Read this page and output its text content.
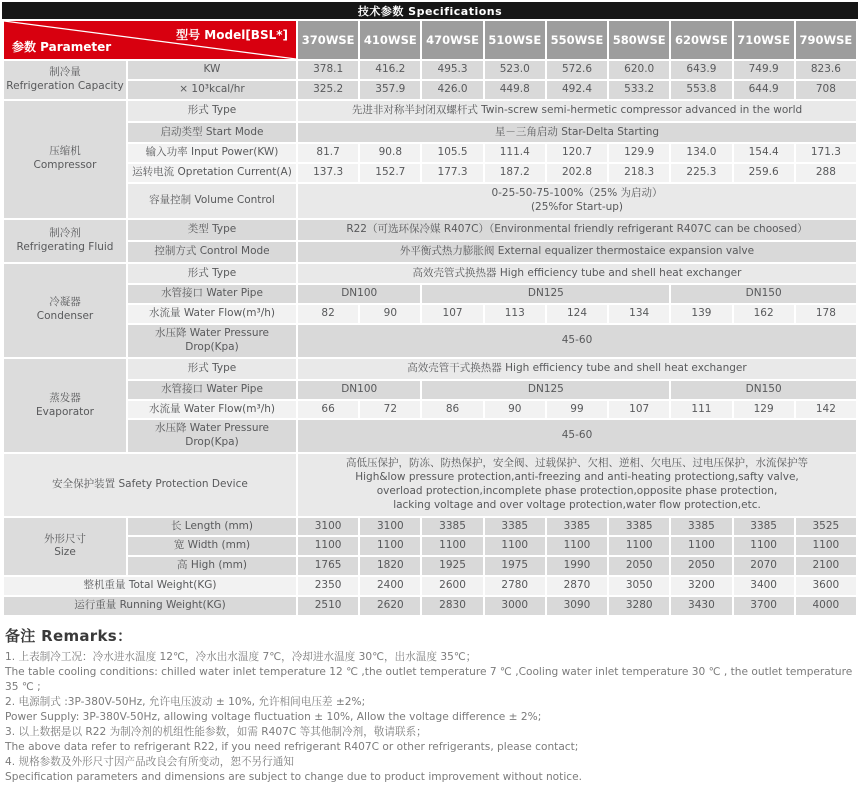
技术参数 Specifications
型号 Model[BSL*]
参数 Parameter		370WSE	410WSE	470WSE	510WSE	550WSE	580WSE	620WSE	710WSE	790WSE
制冷量
Refrigeration Capacity	KW	378.1	416.2	495.3	523.0	572.6	620.0	643.9	749.9	823.6
	× 10³kcal/hr	325.2	357.9	426.0	449.8	492.4	533.2	553.8	644.9	708
压缩机
Compressor	形式 Type	先进非对称半封闭双螺杆式 Twin-screw semi-hermetic compressor advanced in the world								
	启动类型 Start Mode	星－三角启动 Star-Delta Starting								
	输入功率 Input Power(KW)	81.7	90.8	105.5	111.4	120.7	129.9	134.0	154.4	171.3
	运转电流 Opretation Current(A)	137.3	152.7	177.3	187.2	202.8	218.3	225.3	259.6	288
	容量控制 Volume Control	0-25-50-75-100%（25% 为启动）
(25%for Start-up)								
制冷剂
Refrigerating Fluid	类型 Type	R22（可选环保冷媒 R407C）（Environmental friendly refrigerant R407C can be choosed）								
	控制方式 Control Mode	外平衡式热力膨胀阀 External equalizer thermostaice expansion valve								
冷凝器
Condenser	形式 Type	高效壳管式换热器 High efficiency tube and shell heat exchanger								
	水管接口 Water Pipe	DN100		DN125				DN150		
	水流量 Water Flow(m³/h)	82	90	107	113	124	134	139	162	178
	水压降 Water Pressure Drop(Kpa)	45-60								
蒸发器
Evaporator	形式 Type	高效壳管干式换热器 High efficiency tube and shell heat exchanger								
	水管接口 Water Pipe	DN100		DN125				DN150		
	水流量 Water Flow(m³/h)	66	72	86	90	99	107	111	129	142
	水压降 Water Pressure Drop(Kpa)	45-60								
安全保护装置 Safety Protection Device		高低压保护，防冻、防热保护，安全阀、过载保护、欠相、逆相、欠电压、过电压保护，水流保护等
High&low pressure protection,anti-freezing and anti-heating protectiong,safty valve,
overload protection,incomplete phase protection,opposite phase protection,
lacking voltage and over voltage protection,water flow protection,etc.								
外形尺寸
Size	长 Length (mm)	3100	3100	3385	3385	3385	3385	3385	3385	3525
	宽 Width (mm)	1100	1100	1100	1100	1100	1100	1100	1100	1100
	高 High (mm)	1765	1820	1925	1975	1990	2050	2050	2070	2100
整机重量 Total Weight(KG)		2350	2400	2600	2780	2870	3050	3200	3400	3600
运行重量 Running Weight(KG)		2510	2620	2830	3000	3090	3280	3430	3700	4000
备注 Remarks：
1. 上表制冷工况：冷水进水温度 12℃，冷水出水温度 7℃，冷却进水温度 30℃，出水温度 35℃；
The table cooling conditions: chilled water inlet temperature 12 ℃ ,the outlet temperature 7 ℃ ,Cooling water inlet temperature 30 ℃ , the outlet temperature 35 ℃ ;
2. 电源制式 :3P-380V-50Hz, 允许电压波动 ± 10%, 允许相间电压差 ±2%;
Power Supply: 3P-380V-50Hz, allowing voltage fluctuation ± 10%, Allow the voltage difference ± 2%;
3. 以上数据是以 R22 为制冷剂的机组性能参数，如需 R407C 等其他制冷剂，敬请联系；
The above data refer to refrigerant R22, if you need refrigerant R407C or other refrigerants, please contact;
4. 规格参数及外形尺寸因产品改良会有所变动，恕不另行通知
Specification parameters and dimensions are subject to change due to product improvement without notice.
